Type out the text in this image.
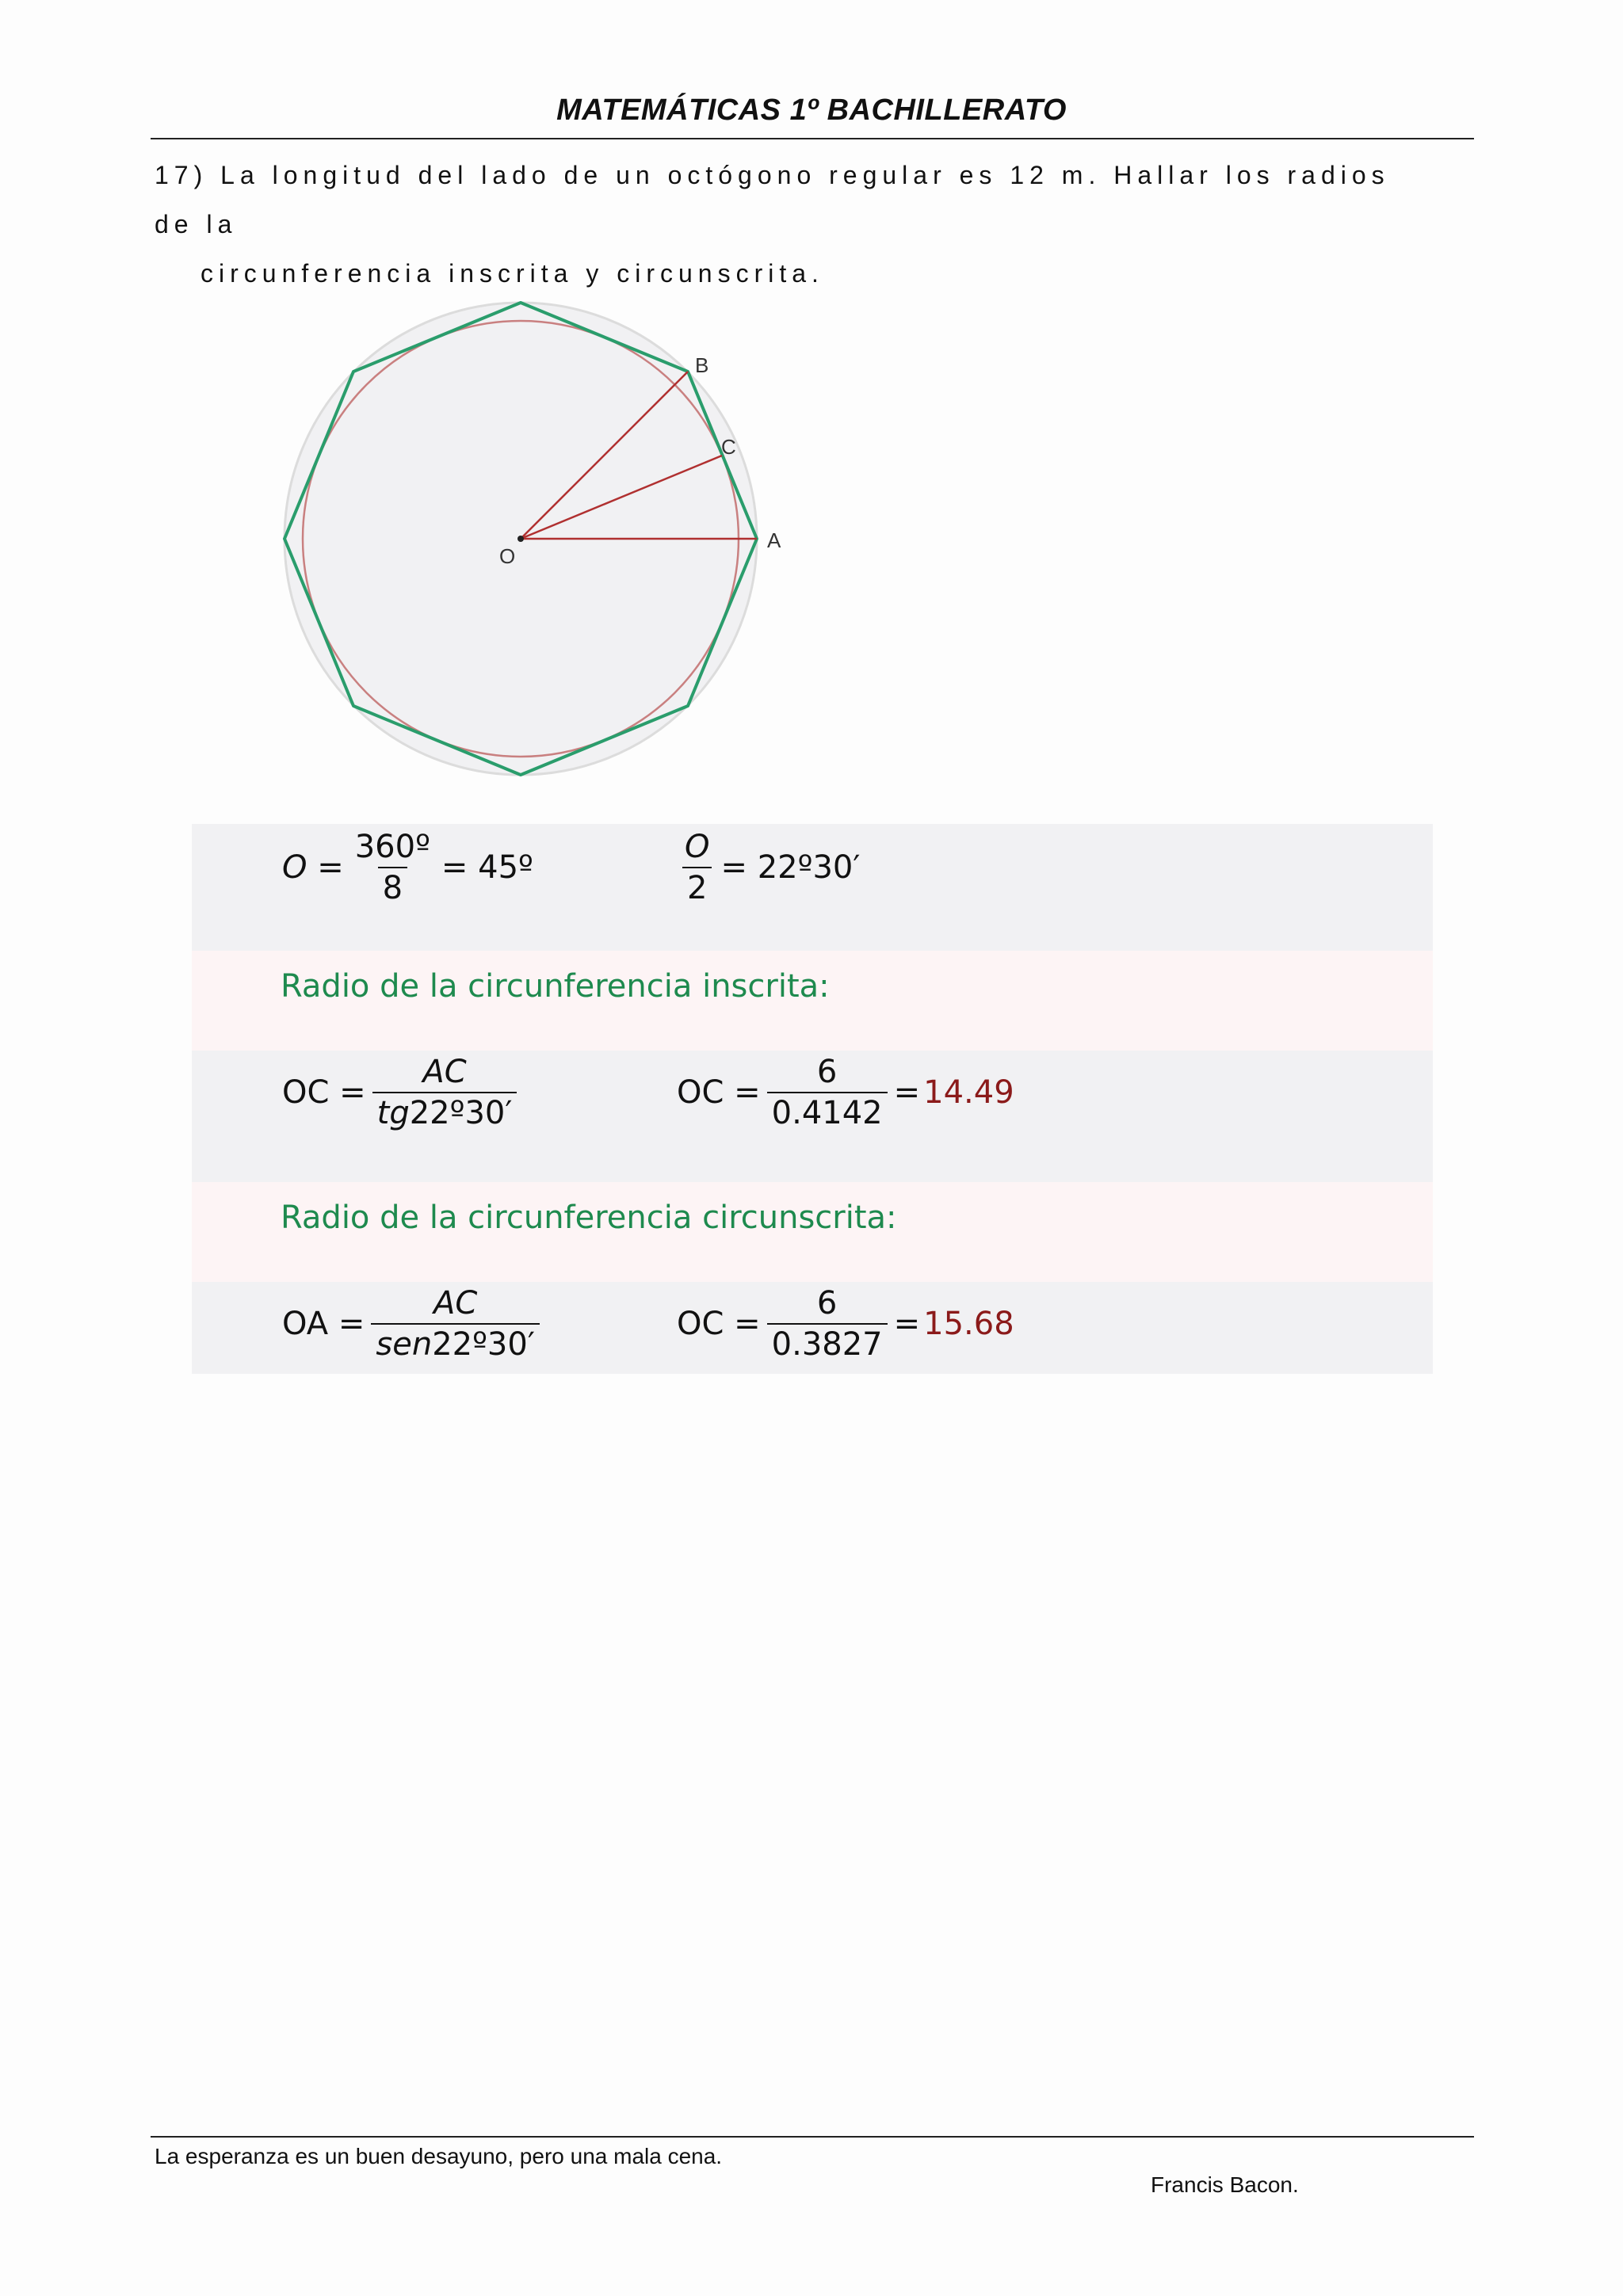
MATEMÁTICAS 1º BACHILLERATO
17) La longitud del lado de un octógono regular es 12 m. Hallar los radios de la
circunferencia inscrita y circunscrita.
O
A
B
C
$O = \frac{\text{360º}}{8}$ = 45º	$\frac{O}{2}$ = 22º30′
Radio de la circunferencia inscrita:
OC = $\frac{AC}{\text{tg22º30′}}$	OC = $\frac{6}{0.4142} = 14.49$
Radio de la circunferencia circunscrita:
OA = $\frac{AC}{\text{sen22º30′}}$	OC = $\frac{6}{0.3827} = 15.68$
La esperanza es un buen desayuno, pero una mala cena.
Francis Bacon.
